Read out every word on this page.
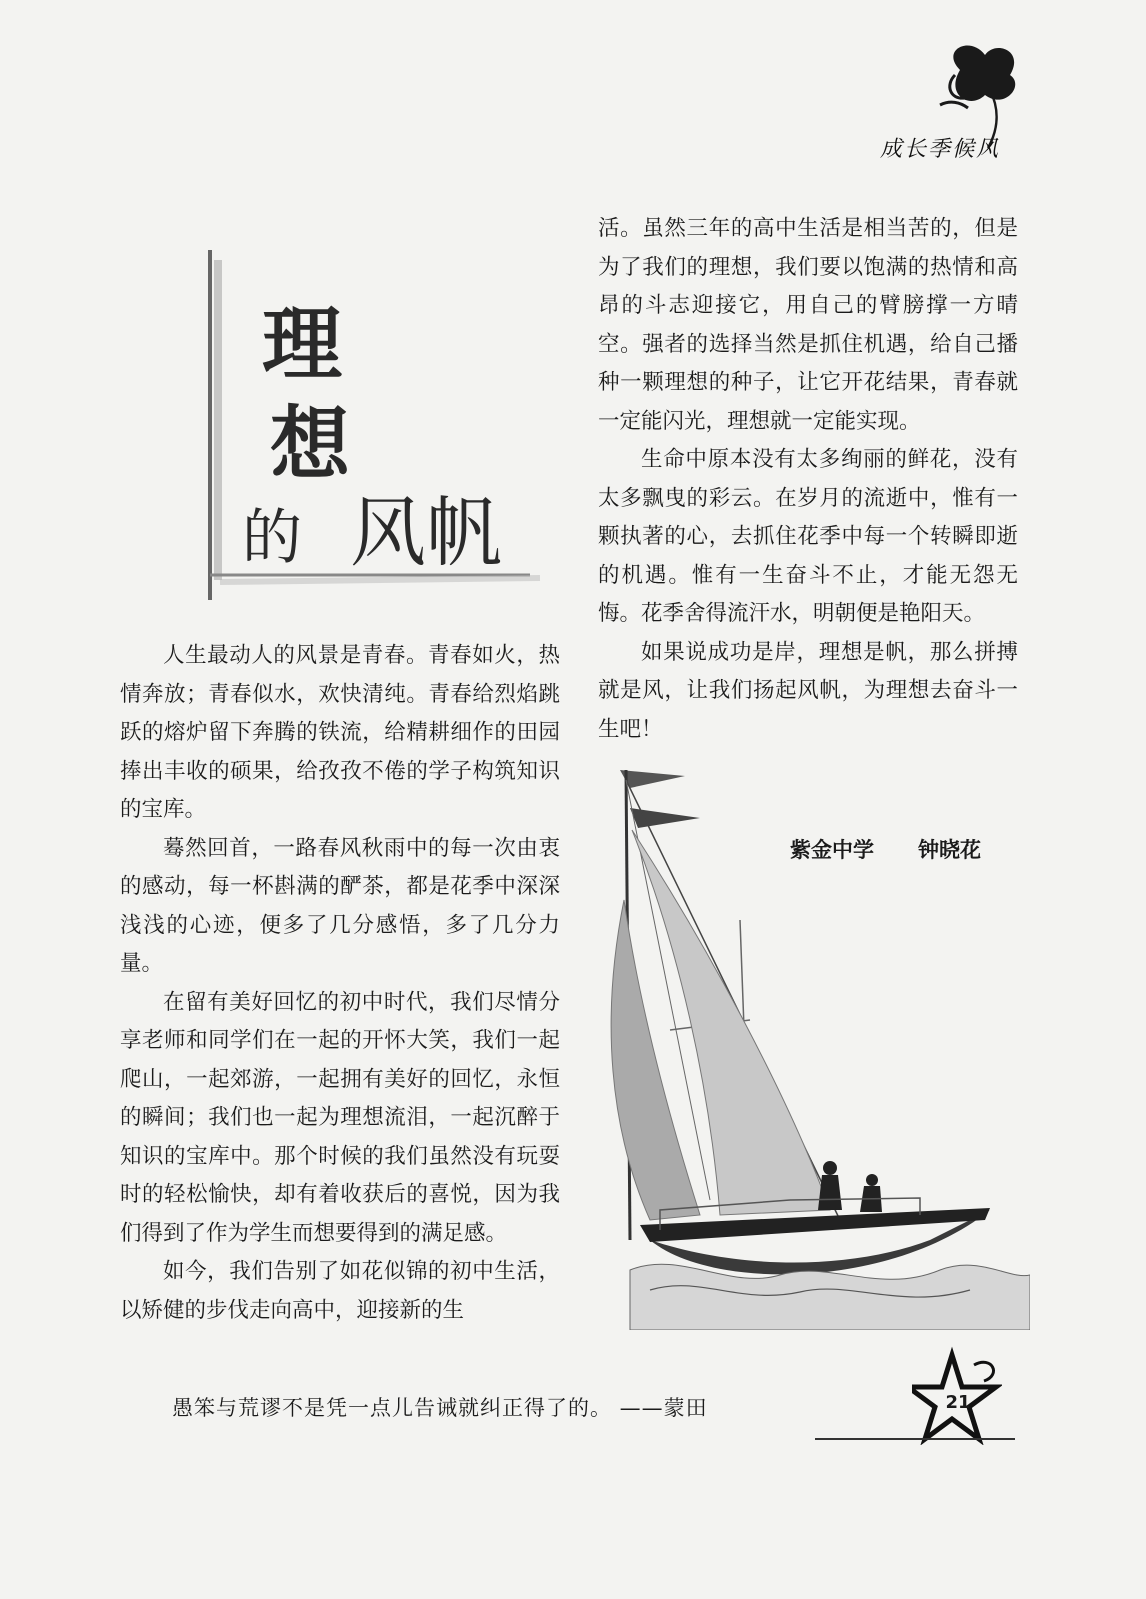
成长季候风
理
想
的 风帆

人生最动人的风景是青春。青春如火，热情奔放；青春似水，欢快清纯。青春给烈焰跳跃的熔炉留下奔腾的铁流，给精耕细作的田园捧出丰收的硕果，给孜孜不倦的学子构筑知识的宝库。

蓦然回首，一路春风秋雨中的每一次由衷的感动，每一杯斟满的酽茶，都是花季中深深浅浅的心迹，便多了几分感悟，多了几分力量。

在留有美好回忆的初中时代，我们尽情分享老师和同学们在一起的开怀大笑，我们一起爬山，一起郊游，一起拥有美好的回忆，永恒的瞬间；我们也一起为理想流泪，一起沉醉于知识的宝库中。那个时候的我们虽然没有玩耍时的轻松愉快，却有着收获后的喜悦，因为我们得到了作为学生而想要得到的满足感。

如今，我们告别了如花似锦的初中生活，以矫健的步伐走向高中，迎接新的生

活。虽然三年的高中生活是相当苦的，但是为了我们的理想，我们要以饱满的热情和高昂的斗志迎接它，用自己的臂膀撑一方晴空。强者的选择当然是抓住机遇，给自己播种一颗理想的种子，让它开花结果，青春就一定能闪光，理想就一定能实现。

生命中原本没有太多绚丽的鲜花，没有太多飘曳的彩云。在岁月的流逝中，惟有一颗执著的心，去抓住花季中每一个转瞬即逝的机遇。惟有一生奋斗不止，才能无怨无悔。花季舍得流汗水，明朝便是艳阳天。

如果说成功是岸，理想是帆，那么拼搏就是风，让我们扬起风帆，为理想去奋斗一生吧！

紫金中学 钟晓花
愚笨与荒谬不是凭一点儿告诫就纠正得了的。 ——蒙田	21
